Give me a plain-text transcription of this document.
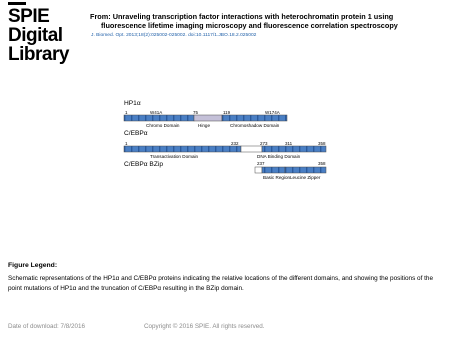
SPIE
Digital
Library
From: Unraveling transcription factor interactions with heterochromatin protein 1 using
fluorescence lifetime imaging microscopy and fluorescence correlation spectroscopy
J. Biomed. Opt. 2013;18(2):025002-025002. doi:10.1117/1.JBO.18.2.025002
HP1α
1	W41A	75	119	W174A
Chromo Domain	Hinge	Chromoshadow Domain
C/EBPα
1	232	273	311	358
Transactivation Domain	DNA Binding Domain
C/EBPα BZip	237	358
Basic Region Leucine Zipper
Figure Legend:
Schematic representations of the HP1α and C/EBPα proteins indicating the relative locations of the different domains, and showing the positions of the point mutations of HP1α and the truncation of C/EBPα resulting in the BZip domain.
Date of download: 7/8/2016	Copyright © 2016 SPIE. All rights reserved.
